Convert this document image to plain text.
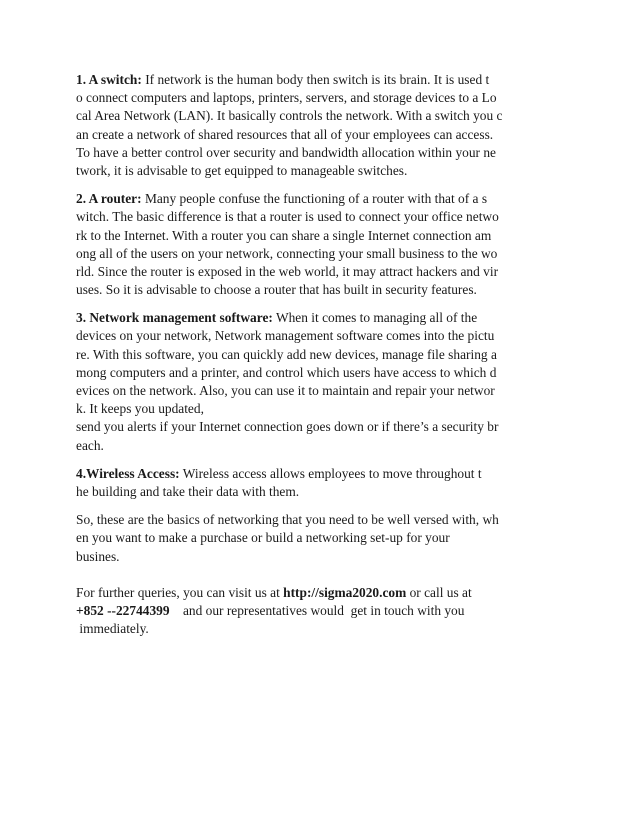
1. A switch: If network is the human body then switch is its brain. It is used t
o connect computers and laptops, printers, servers, and storage devices to a Lo
cal Area Network (LAN). It basically controls the network. With a switch you c
an create a network of shared resources that all of your employees can access.
To have a better control over security and bandwidth allocation within your ne
twork, it is advisable to get equipped to manageable switches.
2. A router: Many people confuse the functioning of a router with that of a s
witch. The basic difference is that a router is used to connect your office netwo
rk to the Internet. With a router you can share a single Internet connection am
ong all of the users on your network, connecting your small business to the wo
rld. Since the router is exposed in the web world, it may attract hackers and vir
uses. So it is advisable to choose a router that has built in security features.
3. Network management software: When it comes to managing all of the
devices on your network, Network management software comes into the pictu
re. With this software, you can quickly add new devices, manage file sharing a
mong computers and a printer, and control which users have access to which d
evices on the network. Also, you can use it to maintain and repair your networ
k. It keeps you updated,
send you alerts if your Internet connection goes down or if there’s a security br
each.
4.Wireless Access: Wireless access allows employees to move throughout t
he building and take their data with them.
So, these are the basics of networking that you need to be well versed with, wh
en you want to make a purchase or build a networking set-up for your
busines.
For further queries, you can visit us at http://sigma2020.com or call us at
+852 --22744399    and our representatives would  get in touch with you
immediately.
